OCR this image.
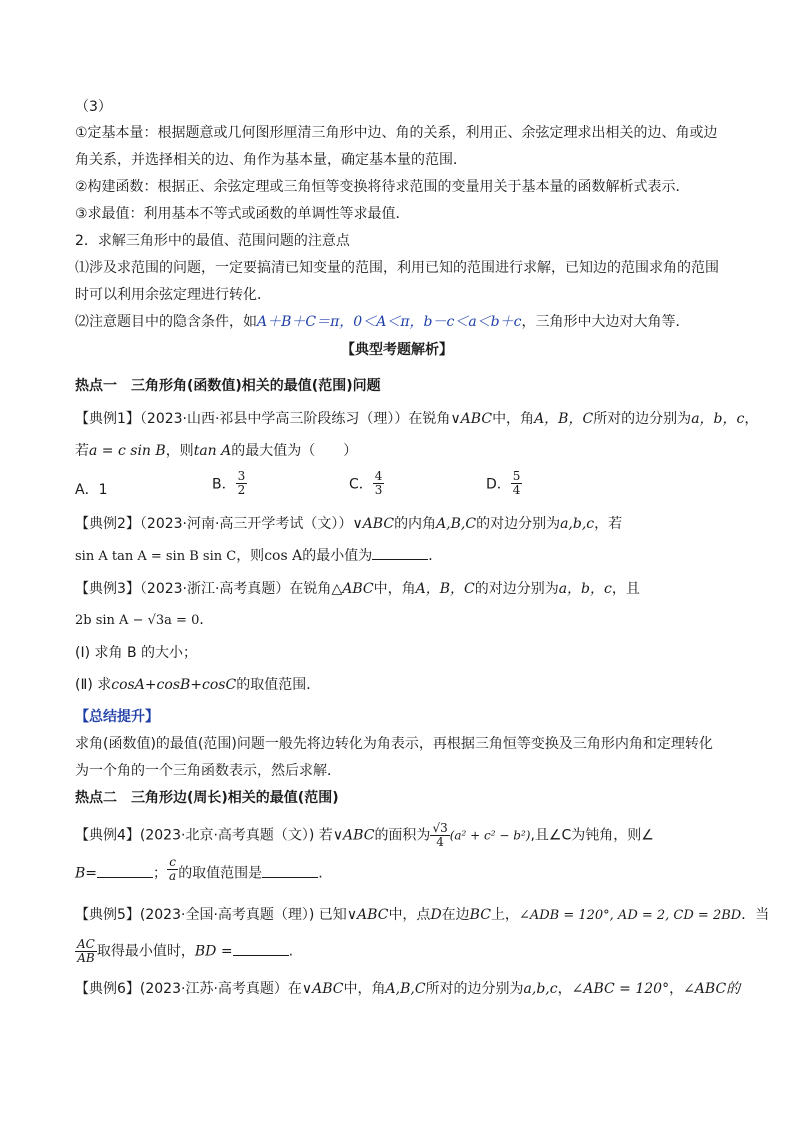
（3）
①定基本量：根据题意或几何图形厘清三角形中边、角的关系，利用正、余弦定理求出相关的边、角或边
角关系，并选择相关的边、角作为基本量，确定基本量的范围．
②构建函数：根据正、余弦定理或三角恒等变换将待求范围的变量用关于基本量的函数解析式表示．
③求最值：利用基本不等式或函数的单调性等求最值．
2．求解三角形中的最值、范围问题的注意点
⑴涉及求范围的问题，一定要搞清已知变量的范围，利用已知的范围进行求解，已知边的范围求角的范围
时可以利用余弦定理进行转化．
⑵注意题目中的隐含条件，如A＋B＋C＝π，0＜A＜π，b－c＜a＜b＋c，三角形中大边对大角等．
【典型考题解析】
热点一　三角形角(函数值)相关的最值(范围)问题
【典例1】（2023·山西·祁县中学高三阶段练习（理））在锐角∨ABC中，角A，B，C所对的边分别为a，b，c，
若a = c sin B，则tan A的最大值为（　　）
A．1	B． $\frac{3}{2}$	C． $\frac{4}{3}$	D． $\frac{5}{4}$
【典例2】（2023·河南·高三开学考试（文））∨ABC的内角A,B,C的对边分别为a,b,c，若
sin A tan A = sin B sin C，则cos A的最小值为	．
【典例3】（2023·浙江·高考真题）在锐角△ABC中，角A，B，C的对边分别为a，b，c，且
2b sin A − √3a = 0．
(Ⅰ) 求角 B 的大小；
(Ⅱ) 求cosA+cosB+cosC的取值范围．
【总结提升】
求角(函数值)的最值(范围)问题一般先将边转化为角表示，再根据三角恒等变换及三角形内角和定理转化
为一个角的一个三角函数表示，然后求解．
热点二　三角形边(周长)相关的最值(范围)
【典例4】(2023·北京·高考真题（文）) 若∨ABC的面积为 $\frac{√3}{4} (a^2 + c^2 - b^2)$,且∠C为钝角，则∠
B=	； $\frac{c}{a}$ 的取值范围是	.
【典例5】(2023·全国·高考真题（理）) 已知∨ABC中，点D在边BC上，∠ADB = 120°, AD = 2, CD = 2BD．当
$\frac{AC}{AB}$ 取得最小值时，BD =	.
【典例6】(2023·江苏·高考真题）在∨ABC中，角A,B,C所对的边分别为a,b,c，∠ABC = 120°，∠ABC的
